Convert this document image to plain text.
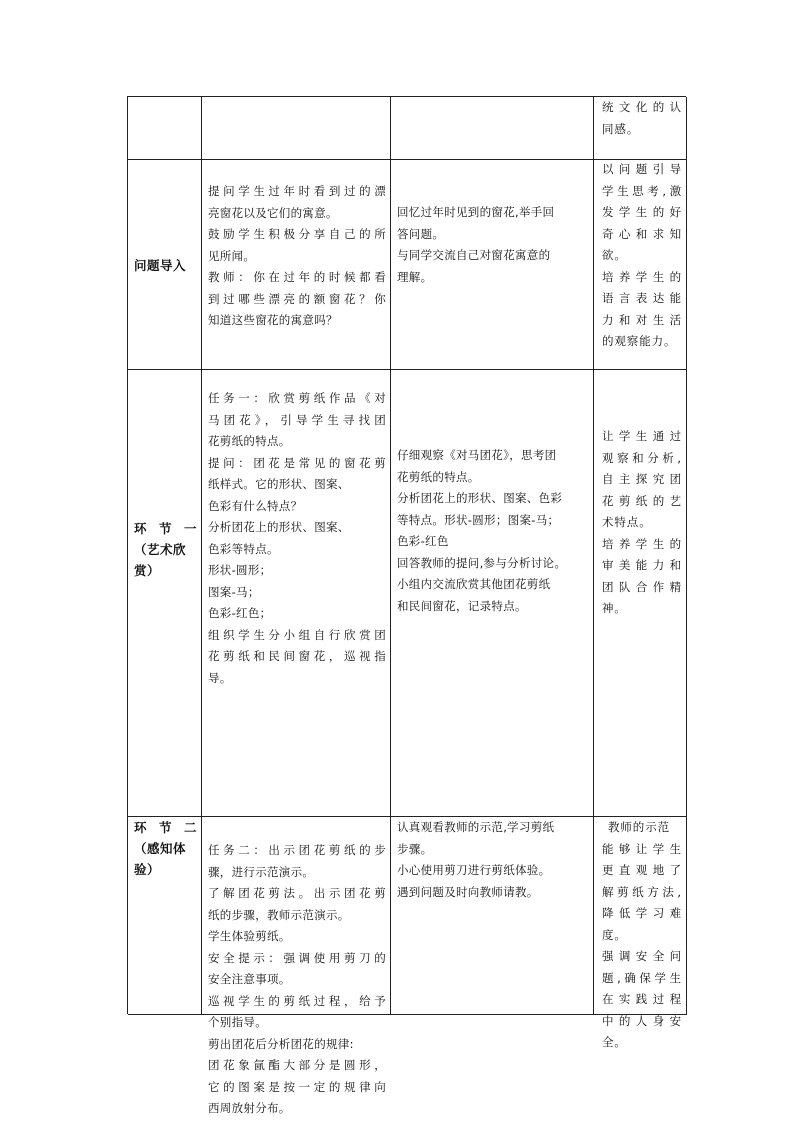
统文化的认
同感。
问题导入
提问学生过年时看到过的漂
亮窗花以及它们的寓意。
鼓励学生积极分享自己的所
见所闻。
教师：你在过年的时候都看
到过哪些漂亮的额窗花？你
知道这些窗花的寓意吗？
回忆过年时见到的窗花,举手回
答问题。
与同学交流自己对窗花寓意的
理解。
以问题引导
学生思考,激
发学生的好
奇心和求知
欲。
培养学生的
语言表达能
力和对生活
的观察能力。
环 节 一
（艺术欣
赏）
任务一：欣赏剪纸作品《对
马团花》，引导学生寻找团
花剪纸的特点。
提问：团花是常见的窗花剪
纸样式。它的形状、图案、
色彩有什么特点？
分析团花上的形状、图案、
色彩等特点。
形状-圆形；
图案-马；
色彩-红色；
组织学生分小组自行欣赏团
花剪纸和民间窗花，巡视指
导。
仔细观察《对马团花》，思考团
花剪纸的特点。
分析团花上的形状、图案、色彩
等特点。形状-圆形；图案-马；
色彩-红色
回答教师的提问,参与分析讨论。
小组内交流欣赏其他团花剪纸
和民间窗花，记录特点。
让学生通过
观察和分析,
自主探究团
花剪纸的艺
术特点。
培养学生的
审美能力和
团队合作精
神。
环 节 二
（感知体
验）
任务二：出示团花剪纸的步
骤，进行示范演示。
了解团花剪法。出示团花剪
纸的步骤，教师示范演示。
学生体验剪纸。
安全提示：强调使用剪刀的
安全注意事项。
巡视学生的剪纸过程，给予
个别指导。
剪出团花后分析团花的规律:
团花象氤酯大部分是圆形，
它的图案是按一定的规律向
西周放射分布。
认真观看教师的示范,学习剪纸
步骤。
小心使用剪刀进行剪纸体验。
遇到问题及时向教师请教。
教师的示范
能够让学生
更直观地了
解剪纸方法,
降低学习难
度。
强调安全问
题,确保学生
在实践过程
中的人身安
全。
